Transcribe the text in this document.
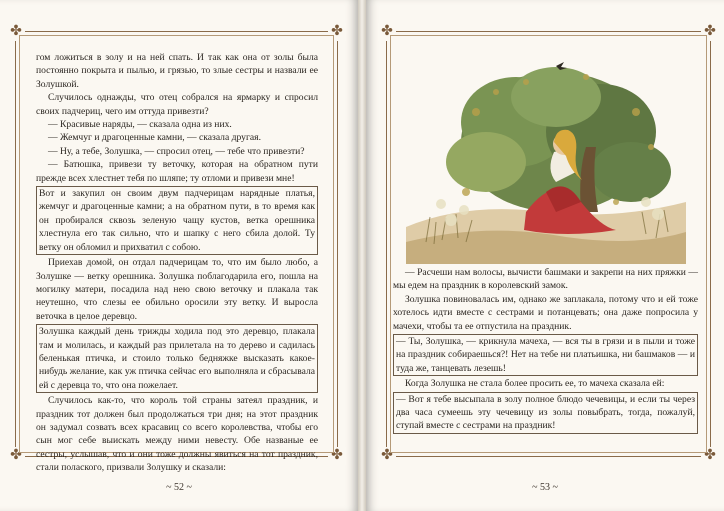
✤	✤
✤	✤

гом ложиться в золу и на ней спать. И так как она от золы была постоянно покрыта и пылью, и грязью, то злые сестры и назвали ее Золушкой.

Случилось однажды, что отец собрался на ярмарку и спросил своих падчериц, чего им оттуда привезти?

— Красивые наряды, — сказала одна из них.

— Жемчуг и драгоценные камни, — сказала другая.

— Ну, а тебе, Золушка, — спросил отец, — тебе что привезти?

— Батюшка, привези ту веточку, которая на обратном пути прежде всех хлестнет тебя по шляпе; ту отломи и привези мне!

Вот и закупил он своим двум падчерицам нарядные платья, жемчуг и драгоценные камни; а на обратном пути, в то время как он пробирался сквозь зеленую чащу кустов, ветка орешника хлестнула его так сильно, что и шапку с него сбила долой. Ту ветку он обломил и прихватил с собою.

Приехав домой, он отдал падчерицам то, что им было любо, а Золушке — ветку орешника. Золушка поблагодарила его, пошла на могилку матери, посадила над нею свою веточку и плакала так неутешно, что слезы ее обильно оросили эту ветку. И выросла веточка в целое деревцо.

Золушка каждый день трижды ходила под это деревцо, плакала там и молилась, и каждый раз прилетала на то дерево и садилась беленькая птичка, и стоило только бедняжке высказать какое-нибудь желание, как уж птичка сейчас его выполняла и сбрасывала ей с деревца то, что она пожелает.

Случилось как-то, что король той страны затеял праздник, и праздник тот должен был продолжаться три дня; на этот праздник он задумал созвать всех красавиц со всего королевства, чтобы его сын мог себе выискать между ними невесту. Обе названые ее сестры, услышав, что и они тоже должны явиться на тот праздник, стали полаского, призвали Золушку и сказали:

~ 52 ~
✤	✤
✤	✤

— Расчеши нам волосы, вычисти башмаки и закрепи на них пряжки — мы едем на праздник в королевский замок.

Золушка повиновалась им, однако же заплакала, потому что и ей тоже хотелось идти вместе с сестрами и потанцевать; она даже попросила у мачехи, чтобы та ее отпустила на праздник.

— Ты, Золушка, — крикнула мачеха, — вся ты в грязи и в пыли и тоже на праздник собираешься?! Нет на тебе ни платьишка, ни башмаков — и туда же, танцевать лезешь!

Когда Золушка не стала более просить ее, то мачеха сказала ей:

— Вот я тебе высыпала в золу полное блюдо чечевицы, и если ты через два часа сумеешь эту чечевицу из золы повыбрать, тогда, пожалуй, ступай вместе с сестрами на праздник!

~ 53 ~
